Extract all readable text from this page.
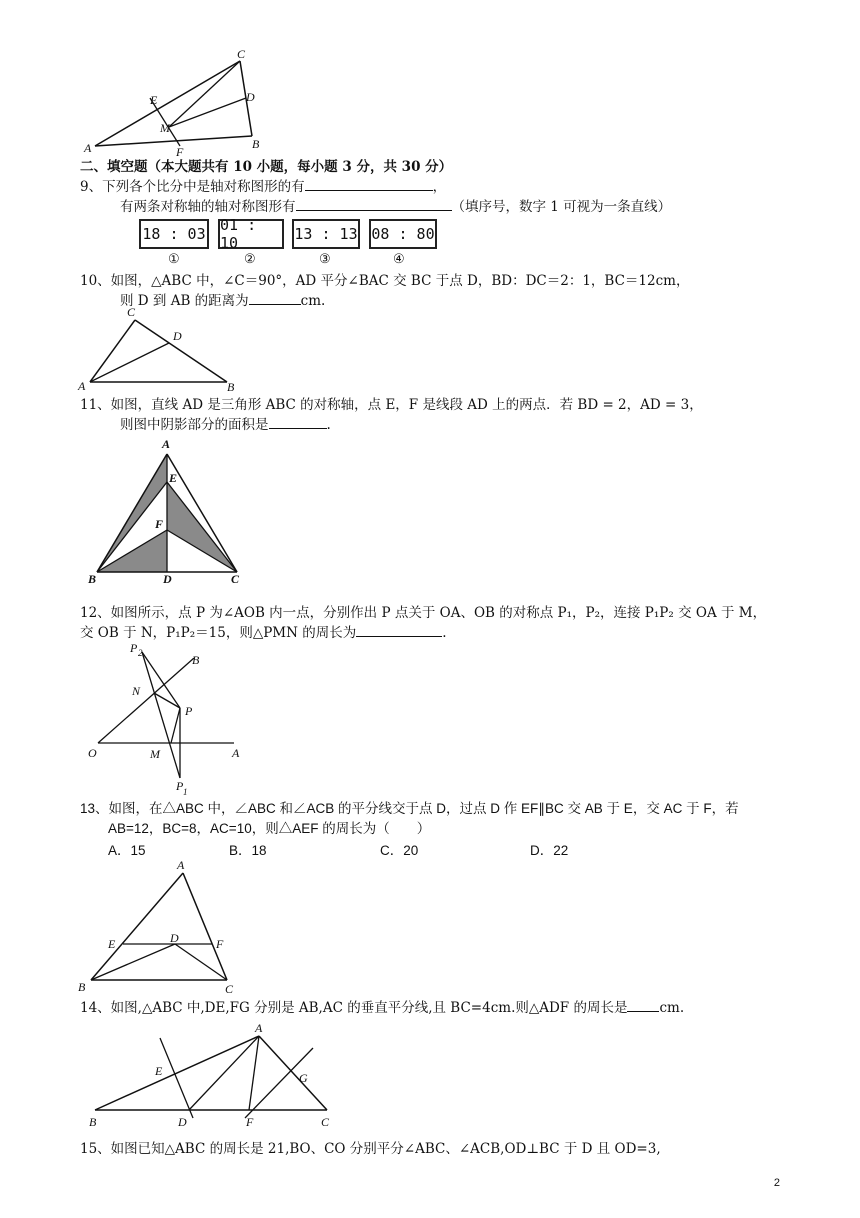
A	B
C
D
E
F
M
二、填空题（本大题共有 10 小题，每小题 3 分，共 30 分）
9、下列各个比分中是轴对称图形的有	，
有两条对称轴的轴对称图形有	（填序号，数字 1 可视为一条直线）
18 : 03 01 : 10	13 : 13 08 : 80
①	②	③	④
10、如图，△ABC 中，∠C＝90°，AD 平分∠BAC 交 BC 于点 D，BD：DC＝2：1，BC＝12cm，
则 D 到 AB 的距离为	cm.
C
D
A	B
11、如图，直线 AD 是三角形 ABC 的对称轴，点 E，F 是线段 AD 上的两点．若 BD = 2，AD = 3，
则图中阴影部分的面积是	.
A
E
F
B	D	C
12、如图所示，点 P 为∠AOB 内一点，分别作出 P 点关于 OA、OB 的对称点 P₁，P₂，连接 P₁P₂ 交 OA 于 M，
交 OB 于 N，P₁P₂＝15，则△PMN 的周长为	.
O	A
B
M
N
P
P 2
P 1
13、如图，在△ABC 中，∠ABC 和∠ACB 的平分线交于点 D，过点 D 作 EF∥BC 交 AB 于 E，交 AC 于 F，若
AB=12，BC=8，AC=10，则△AEF 的周长为（　　）
A．15	B．18	C．20	D．22
A
E	D	F
B	C
14、如图,△ABC 中,DE,FG 分别是 AB,AC 的垂直平分线,且 BC=4cm.则△ADF 的周长是 cm.
A
E	G
B	D	F	C
15、如图已知△ABC 的周长是 21,BO、CO 分别平分∠ABC、∠ACB,OD⊥BC 于 D 且 OD=3,
2
